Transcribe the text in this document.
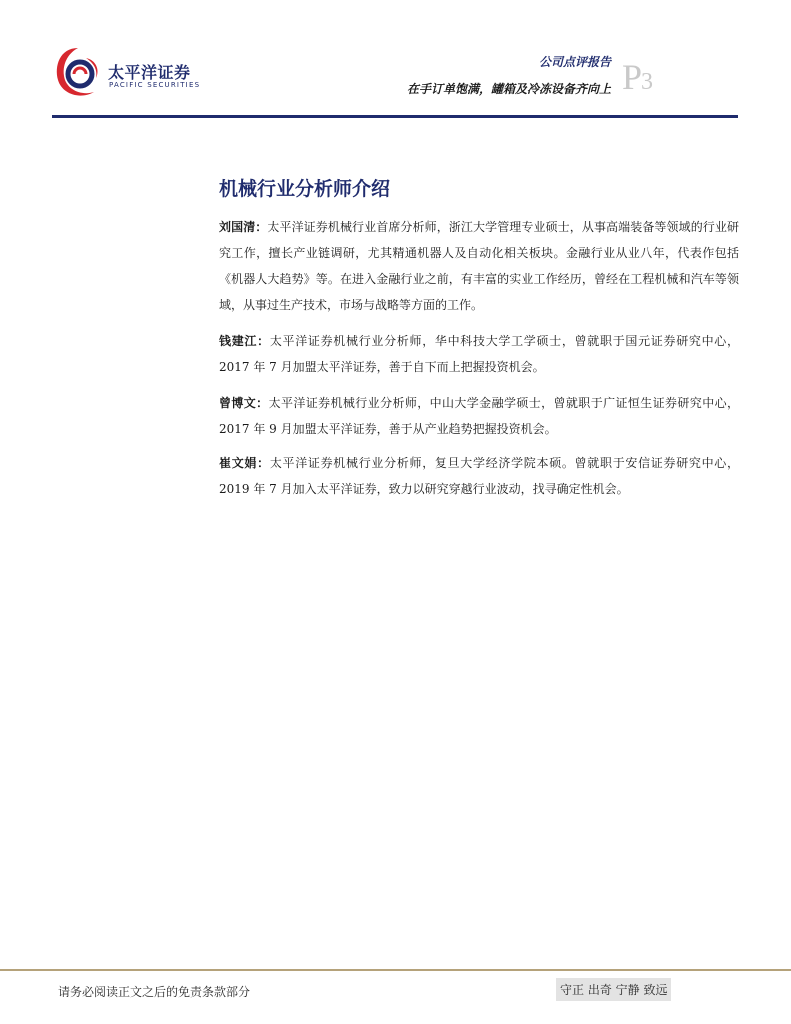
太平洋证券
PACIFIC SECURITIES
公司点评报告
在手订单饱满，罐箱及冷冻设备齐向上 P3
机械行业分析师介绍

刘国清：太平洋证券机械行业首席分析师，浙江大学管理专业硕士，从事高端装备等领域的行业研究工作，擅长产业链调研，尤其精通机器人及自动化相关板块。金融行业从业八年，代表作包括《机器人大趋势》等。在进入金融行业之前，有丰富的实业工作经历，曾经在工程机械和汽车等领域，从事过生产技术，市场与战略等方面的工作。

钱建江：太平洋证券机械行业分析师，华中科技大学工学硕士，曾就职于国元证券研究中心，2017 年 7 月加盟太平洋证券，善于自下而上把握投资机会。

曾博文：太平洋证券机械行业分析师，中山大学金融学硕士，曾就职于广证恒生证券研究中心，2017 年 9 月加盟太平洋证券，善于从产业趋势把握投资机会。

崔文娟：太平洋证券机械行业分析师，复旦大学经济学院本硕。曾就职于安信证券研究中心，2019 年 7 月加入太平洋证券，致力以研究穿越行业波动，找寻确定性机会。

请务必阅读正文之后的免责条款部分	守正 出奇 宁静 致远
